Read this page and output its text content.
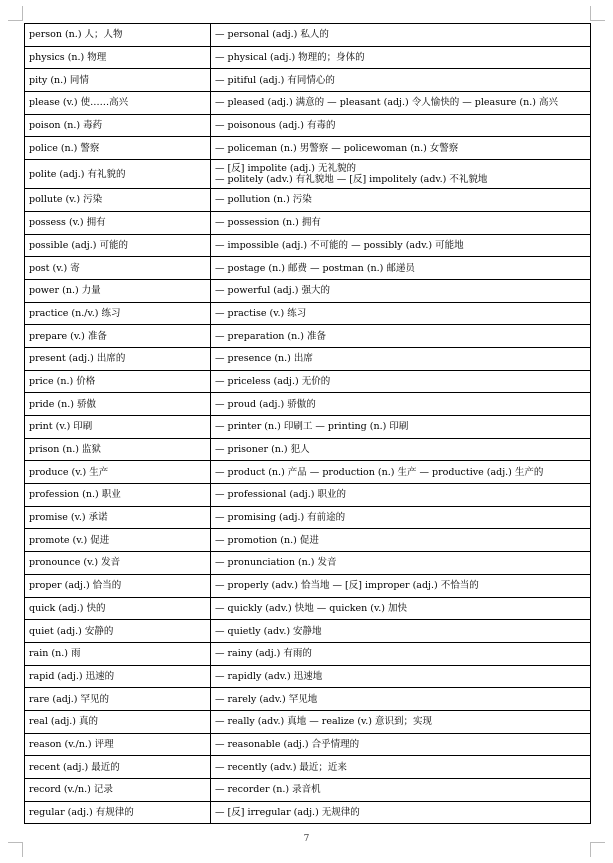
person (n.) 人；人物	— personal (adj.) 私人的
physics (n.) 物理	— physical (adj.) 物理的；身体的
pity (n.) 同情	— pitiful (adj.) 有同情心的
please (v.) 使……高兴	— pleased (adj.) 满意的 — pleasant (adj.) 令人愉快的 — pleasure (n.) 高兴
poison (n.) 毒药	— poisonous (adj.) 有毒的
police (n.) 警察	— policeman (n.) 男警察 — policewoman (n.) 女警察
polite (adj.) 有礼貌的	— [反] impolite (adj.) 无礼貌的
— politely (adv.) 有礼貌地 — [反] impolitely (adv.) 不礼貌地

pollute (v.) 污染	— pollution (n.) 污染
possess (v.) 拥有	— possession (n.) 拥有
possible (adj.) 可能的	— impossible (adj.) 不可能的 — possibly (adv.) 可能地
post (v.) 寄	— postage (n.) 邮费 — postman (n.) 邮递员
power (n.) 力量	— powerful (adj.) 强大的
practice (n./v.) 练习	— practise (v.) 练习
prepare (v.) 准备	— preparation (n.) 准备
present (adj.) 出席的	— presence (n.) 出席
price (n.) 价格	— priceless (adj.) 无价的
pride (n.) 骄傲	— proud (adj.) 骄傲的
print (v.) 印刷	— printer (n.) 印刷工 — printing (n.) 印刷
prison (n.) 监狱	— prisoner (n.) 犯人
produce (v.) 生产	— product (n.) 产品 — production (n.) 生产 — productive (adj.) 生产的
profession (n.) 职业	— professional (adj.) 职业的
promise (v.) 承诺	— promising (adj.) 有前途的
promote (v.) 促进	— promotion (n.) 促进
pronounce (v.) 发音	— pronunciation (n.) 发音
proper (adj.) 恰当的	— properly (adv.) 恰当地 — [反] improper (adj.) 不恰当的
quick (adj.) 快的	— quickly (adv.) 快地 — quicken (v.) 加快
quiet (adj.) 安静的	— quietly (adv.) 安静地
rain (n.) 雨	— rainy (adj.) 有雨的
rapid (adj.) 迅速的	— rapidly (adv.) 迅速地
rare (adj.) 罕见的	— rarely (adv.) 罕见地
real (adj.) 真的	— really (adv.) 真地 — realize (v.) 意识到；实现
reason (v./n.) 评理	— reasonable (adj.) 合乎情理的
recent (adj.) 最近的	— recently (adv.) 最近；近来
record (v./n.) 记录	— recorder (n.) 录音机
regular (adj.) 有规律的	— [反] irregular (adj.) 无规律的
7
